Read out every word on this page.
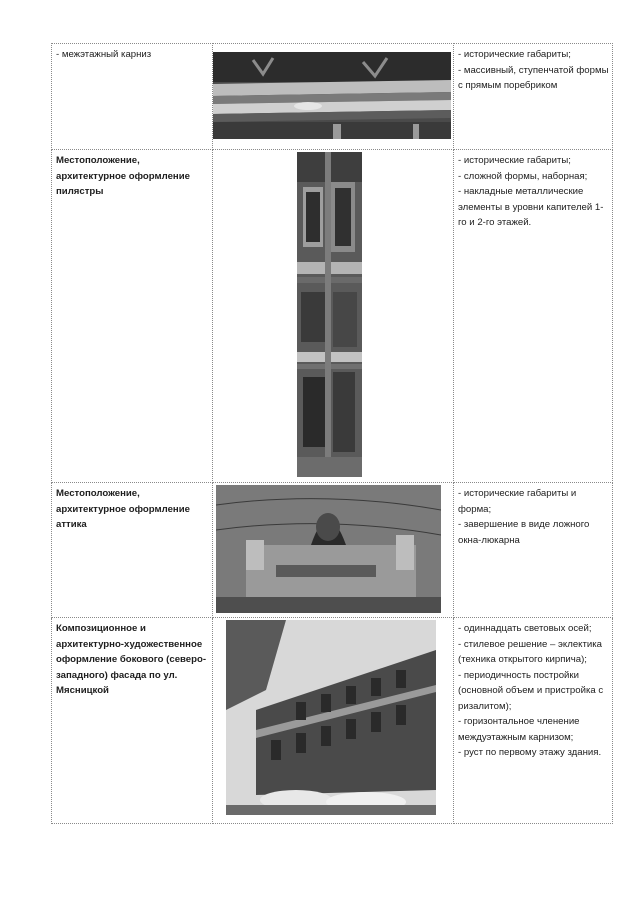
- межэтажный карниз		- исторические габариты;
- массивный, ступенчатой формы с прямым поребриком

Местоположение, архитектурное оформление пилястры		- исторические габариты;
- сложной формы, наборная;
- накладные металлические элементы в уровни капителей 1-го и 2-го этажей.

Местоположение, архитектурное оформление аттика		- исторические габариты и форма;
- завершение в виде ложного окна-люкарна

Композиционное и архитектурно-художественное оформление бокового (северо-западного) фасада по ул. Мясницкой		- одиннадцать световых осей;
- стилевое решение – эклектика (техника открытого кирпича);
- периодичность постройки (основной объем и пристройка с ризалитом);
- горизонтальное членение междуэтажным карнизом;
- руст по первому этажу здания.
